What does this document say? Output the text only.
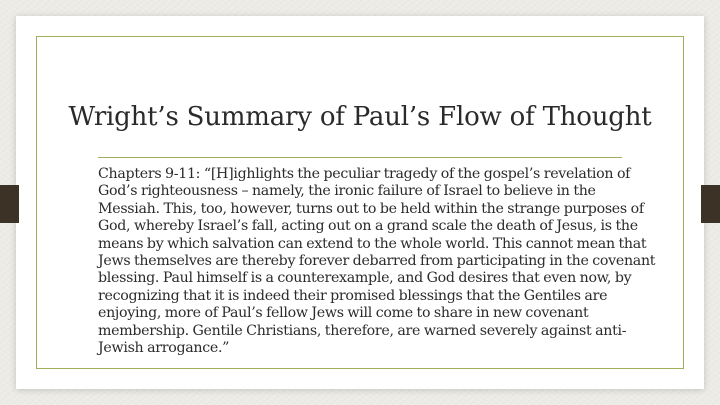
Wright’s Summary of Paul’s Flow of Thought

Chapters 9-11: “[H]ighlights the peculiar tragedy of the gospel’s revelation of God’s righteousness – namely, the ironic failure of Israel to believe in the Messiah. This, too, however, turns out to be held within the strange purposes of God, whereby Israel’s fall, acting out on a grand scale the death of Jesus, is the means by which salvation can extend to the whole world. This cannot mean that Jews themselves are thereby forever debarred from participating in the covenant blessing. Paul himself is a counterexample, and God desires that even now, by recognizing that it is indeed their promised blessings that the Gentiles are enjoying, more of Paul’s fellow Jews will come to share in new covenant membership. Gentile Christians, therefore, are warned severely against anti-Jewish arrogance.”
